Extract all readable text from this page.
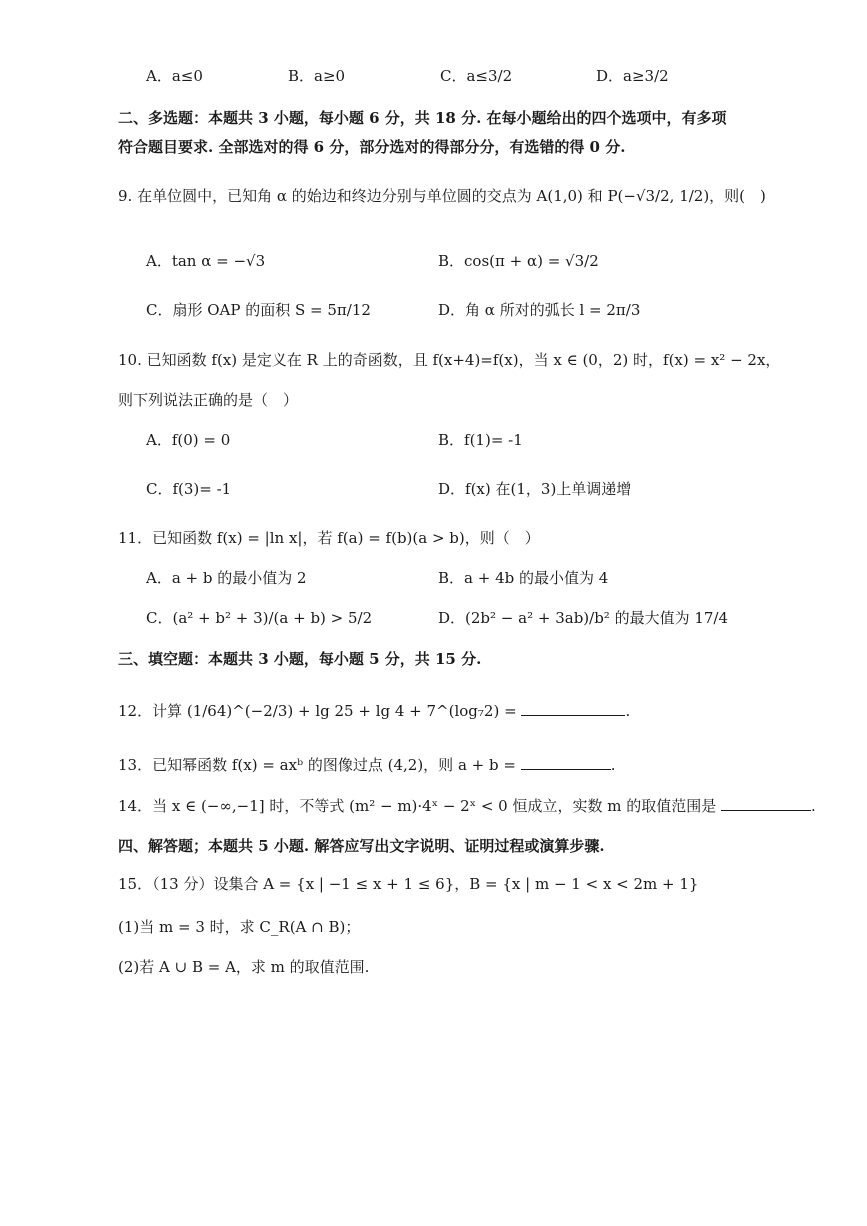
A．a≤0	B．a≥0	C．a≤3/2	D．a≥3/2
二、多选题：本题共 3 小题，每小题 6 分，共 18 分. 在每小题给出的四个选项中，有多项
符合题目要求. 全部选对的得 6 分，部分选对的得部分分，有选错的得 0 分.
9. 在单位圆中，已知角 α 的始边和终边分别与单位圆的交点为 A(1,0) 和 P(−√3/2, 1/2)，则(　)
A．tan α = −√3	B．cos(π + α) = √3/2
C．扇形 OAP 的面积 S = 5π/12	D．角 α 所对的弧长 l = 2π/3
10. 已知函数 f(x) 是定义在 R 上的奇函数，且 f(x+4)=f(x)，当 x ∈ (0，2) 时，f(x) = x² − 2x，
则下列说法正确的是（　）
A．f(0) = 0	B．f(1)= -1
C．f(3)= -1	D．f(x) 在(1，3)上单调递增
11．已知函数 f(x) = |ln x|，若 f(a) = f(b)(a > b)，则（　）
A．a + b 的最小值为 2	B．a + 4b 的最小值为 4
C．(a² + b² + 3)/(a + b) > 5/2	D．(2b² − a² + 3ab)/b² 的最大值为 17/4
三、填空题：本题共 3 小题，每小题 5 分，共 15 分.
12．计算 (1/64)^(−2/3) + lg 25 + lg 4 + 7^(log₇2) =	.
13．已知幂函数 f(x) = axᵇ 的图像过点 (4,2)，则 a + b =	.
14．当 x ∈ (−∞,−1] 时，不等式 (m² − m)·4ˣ − 2ˣ < 0 恒成立，实数 m 的取值范围是	.
四、解答题；本题共 5 小题. 解答应写出文字说明、证明过程或演算步骤.
15．（13 分）设集合 A = {x | −1 ≤ x + 1 ≤ 6}，B = {x | m − 1 < x < 2m + 1}
(1)当 m = 3 时，求 C_R(A ∩ B)；
(2)若 A ∪ B = A，求 m 的取值范围.
